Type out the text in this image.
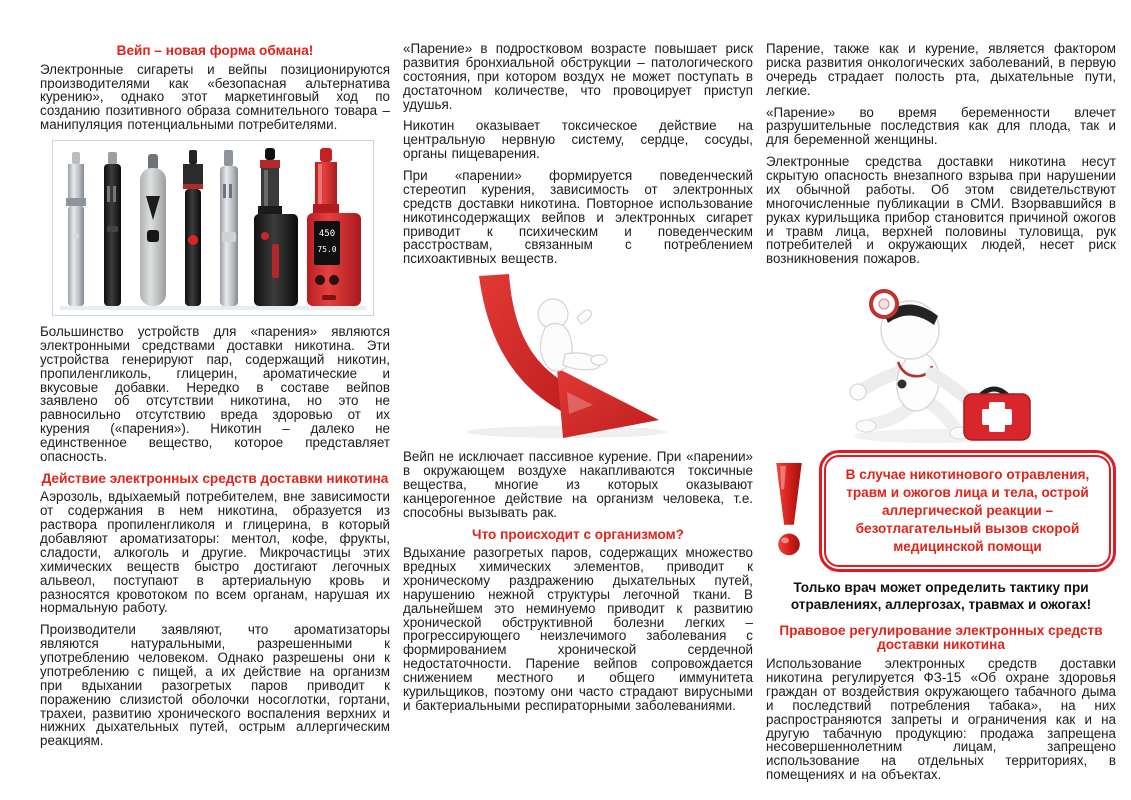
Вейп – новая форма обмана!

Электронные сигареты и вейпы позиционируются производителями как «безопасная альтернатива курению», однако этот маркетинговый ход по созданию позитивного образа сомнительного товара – манипуляция потенциальными потребителями.

450
75.0

Большинство устройств для «парения» являются электронными средствами доставки никотина. Эти устройства генерируют пар, содержащий никотин, пропиленгликоль, глицерин, ароматические и вкусовые добавки. Нередко в составе вейпов заявлено об отсутствии никотина, но это не равносильно отсутствию вреда здоровью от их курения («парения»). Никотин – далеко не единственное вещество, которое представляет опасность.

Действие электронных средств доставки никотина

Аэрозоль, вдыхаемый потребителем, вне зависимости от содержания в нем никотина, образуется из раствора пропиленгликоля и глицерина, в который добавляют ароматизаторы: ментол, кофе, фрукты, сладости, алкоголь и другие. Микрочастицы этих химических веществ быстро достигают легочных альвеол, поступают в артериальную кровь и разносятся кровотоком по всем органам, нарушая их нормальную работу.

Производители заявляют, что ароматизаторы являются натуральными, разрешенными к употреблению человеком. Однако разрешены они к употреблению с пищей, а их действие на организм при вдыхании разогретых паров приводит к поражению слизистой оболочки носоглотки, гортани, трахеи, развитию хронического воспаления верхних и нижних дыхательных путей, острым аллергическим реакциям.

«Парение» в подростковом возрасте повышает риск развития бронхиальной обструкции – патологического состояния, при котором воздух не может поступать в достаточном количестве, что провоцирует приступ удушья.

Никотин оказывает токсическое действие на центральную нервную систему, сердце, сосуды, органы пищеварения.

При «парении» формируется поведенческий стереотип курения, зависимость от электронных средств доставки никотина. Повторное использование никотинсодержащих вейпов и электронных сигарет приводит к психическим и поведенческим расстроствам, связанным с потреблением психоактивных веществ.

Вейп не исключает пассивное курение. При «парении» в окружающем воздухе накапливаются токсичные вещества, многие из которых оказывают канцерогенное действие на организм человека, т.е. способны вызывать рак.

Что происходит с организмом?

Вдыхание разогретых паров, содержащих множество вредных химических элементов, приводит к хроническому раздражению дыхательных путей, нарушению нежной структуры легочной ткани. В дальнейшем это неминуемо приводит к развитию хронической обструктивной болезни легких – прогрессирующего неизлечимого заболевания с формированием хронической сердечной недостаточности. Парение вейпов сопровождается снижением местного и общего иммунитета курильщиков, поэтому они часто страдают вирусными и бактериальными респираторными заболеваниями.

Парение, также как и курение, является фактором риска развития онкологических заболеваний, в первую очередь страдает полость рта, дыхательные пути, легкие.

«Парение» во время беременности влечет разрушительные последствия как для плода, так и для беременной женщины.

Электронные средства доставки никотина несут скрытую опасность внезапного взрыва при нарушении их обычной работы. Об этом свидетельствуют многочисленные публикации в СМИ. Взорвавшийся в руках курильщика прибор становится причиной ожогов и травм лица, верхней половины туловища, рук потребителей и окружающих людей, несет риск возникновения пожаров.

В случае никотинового отравления, травм и ожогов лица и тела, острой аллергической реакции – безотлагательный вызов скорой медицинской помощи
Только врач может определить тактику при отравлениях, аллергозах, травмах и ожогах!
Правовое регулирование электронных средств доставки никотина

Использование электронных средств доставки никотина регулируется ФЗ-15 «Об охране здоровья граждан от воздействия окружающего табачного дыма и последствий потребления табака», на них распространяются запреты и ограничения как и на другую табачную продукцию: продажа запрещена несовершеннолетним лицам, запрещено использование на отдельных территориях, в помещениях и на объектах.
